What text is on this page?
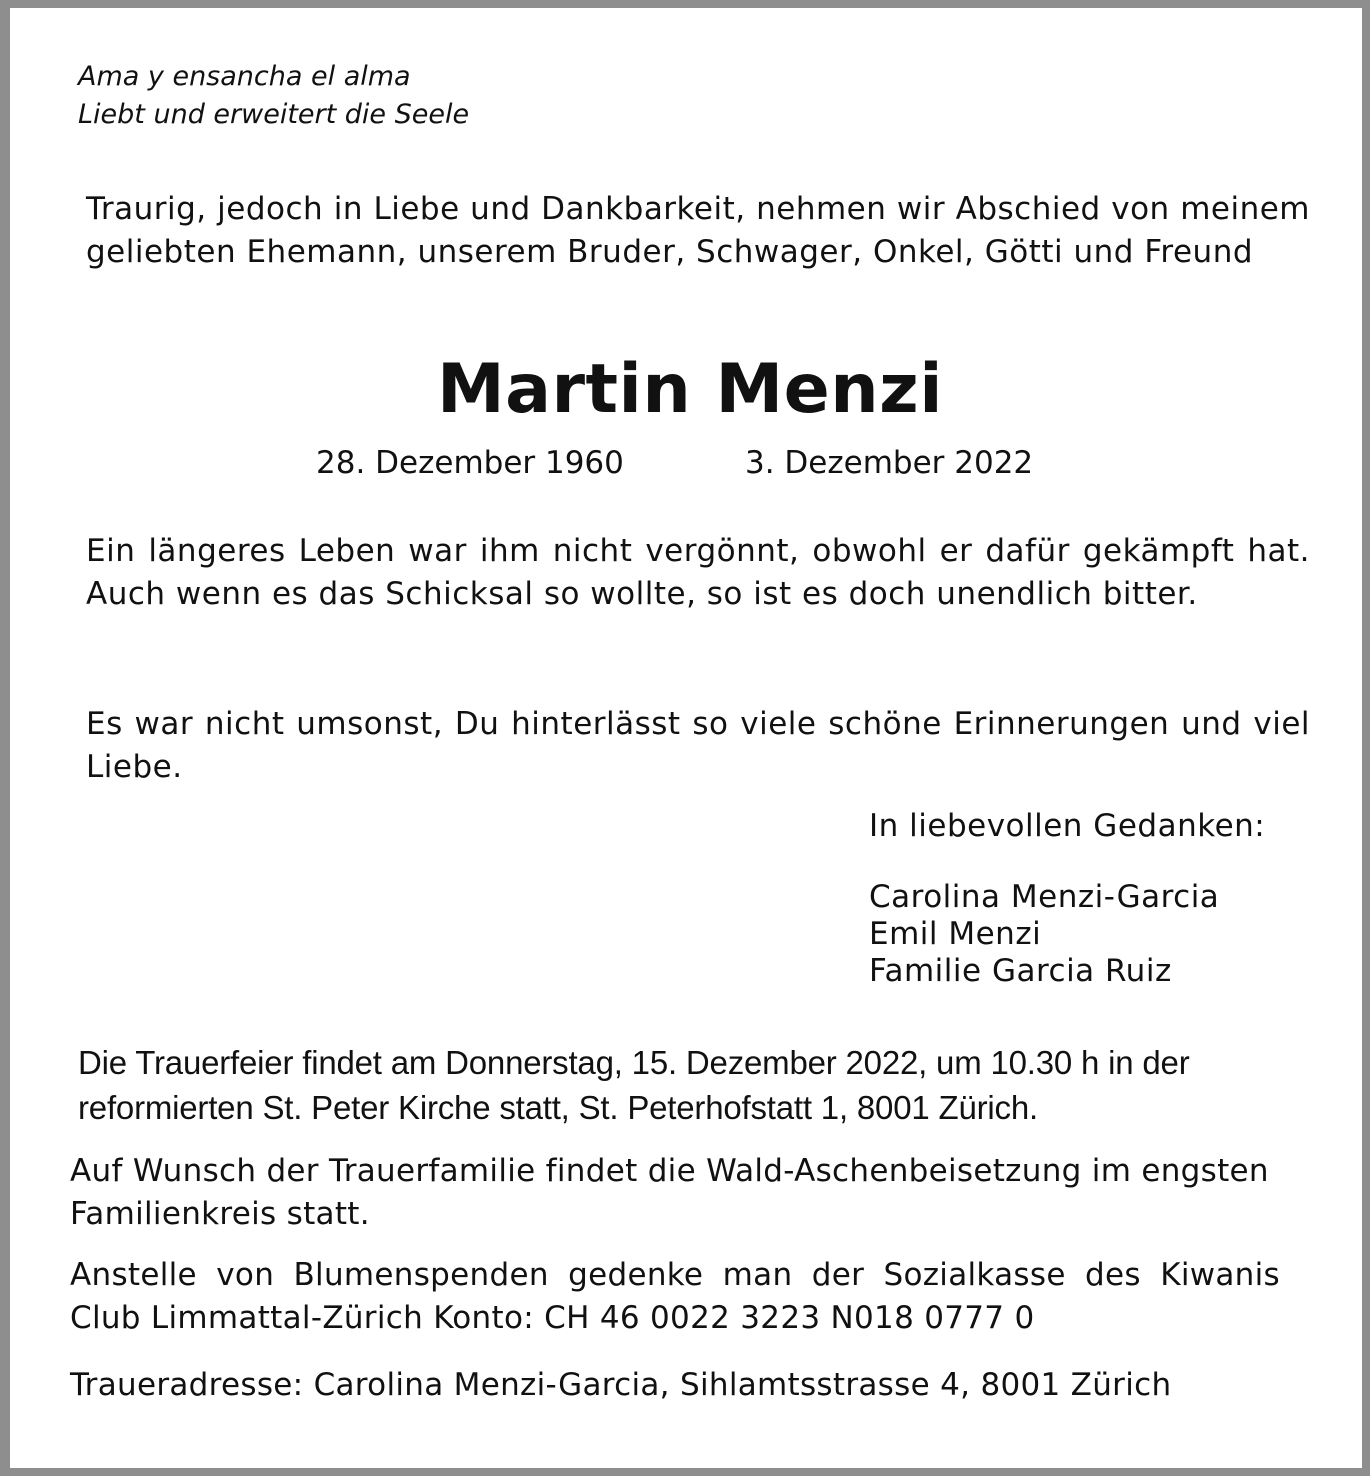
Ama y ensancha el alma
Liebt und erweitert die Seele
Traurig, jedoch in Liebe und Dankbarkeit, nehmen wir Abschied von meinem geliebten Ehemann, unserem Bruder, Schwager, Onkel, Götti und Freund
Martin Menzi
28. Dezember 1960	3. Dezember 2022
Ein längeres Leben war ihm nicht vergönnt, obwohl er dafür gekämpft hat. Auch wenn es das Schicksal so wollte, so ist es doch unendlich bitter.
Es war nicht umsonst, Du hinterlässt so viele schöne Erinnerungen und viel Liebe.
In liebevollen Gedanken:
Carolina Menzi-Garcia
Emil Menzi
Familie Garcia Ruiz
Die Trauerfeier findet am Donnerstag, 15. Dezember 2022, um 10.30 h in der reformierten St. Peter Kirche statt, St. Peterhofstatt 1, 8001 Zürich.
Auf Wunsch der Trauerfamilie findet die Wald-Aschenbeisetzung im engsten Familienkreis statt.
Anstelle von Blumenspenden gedenke man der Sozialkasse des Kiwanis Club Limmattal-Zürich Konto: CH 46 0022 3223 N018 0777 0
Traueradresse: Carolina Menzi-Garcia, Sihlamtsstrasse 4, 8001 Zürich
